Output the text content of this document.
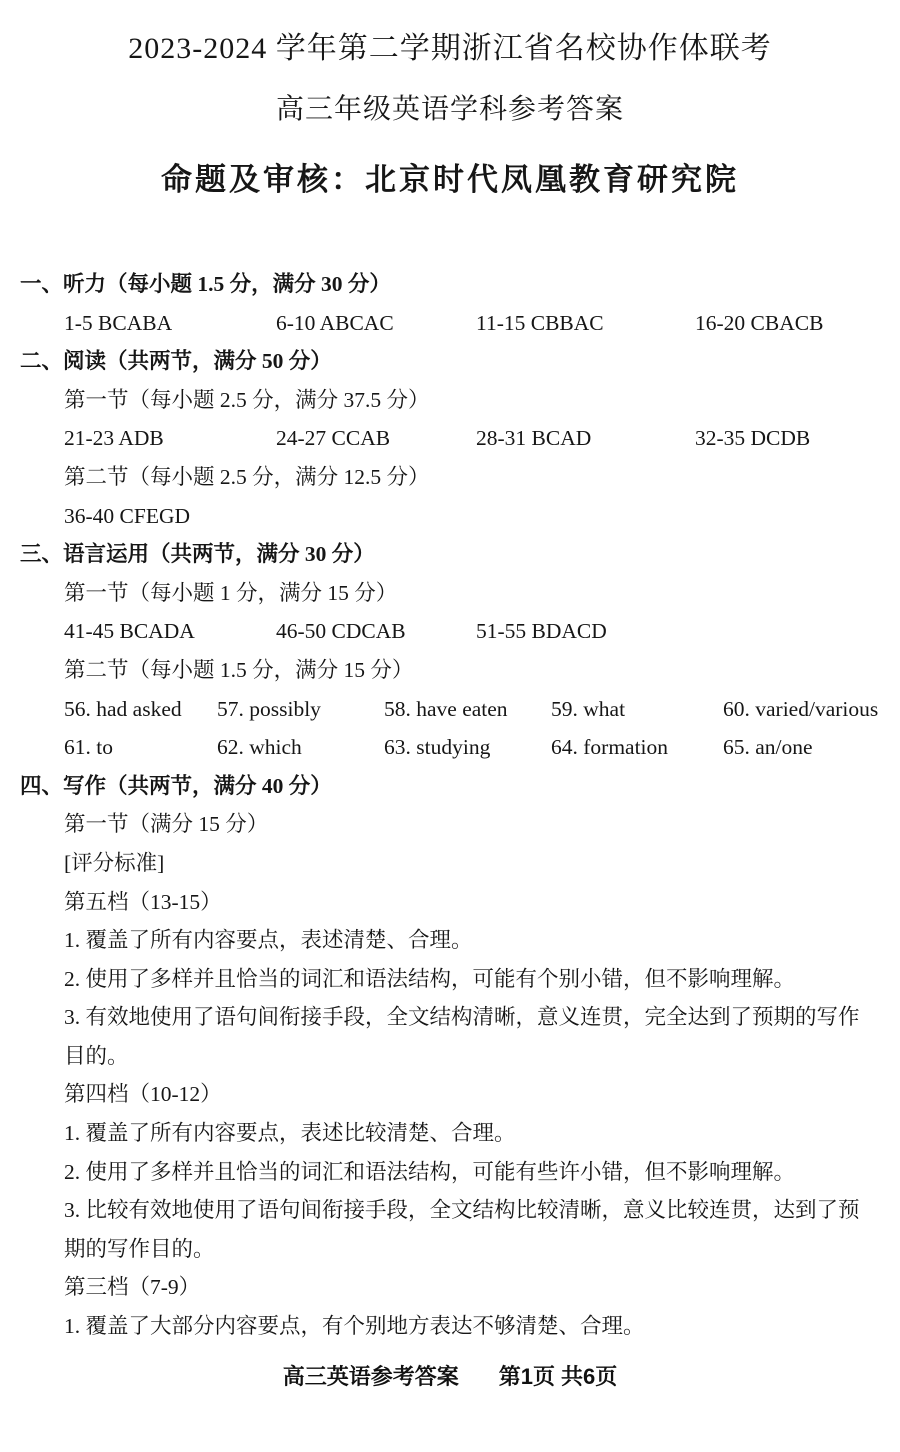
2023-2024 学年第二学期浙江省名校协作体联考
高三年级英语学科参考答案
命题及审核：北京时代凤凰教育研究院
一、听力（每小题 1.5 分，满分 30 分）
1-5 BCABA	6-10 ABCAC	11-15 CBBAC	16-20 CBACB
二、阅读（共两节，满分 50 分）
第一节（每小题 2.5 分，满分 37.5 分）
21-23 ADB	24-27 CCAB	28-31 BCAD	32-35 DCDB
第二节（每小题 2.5 分，满分 12.5 分）
36-40 CFEGD
三、语言运用（共两节，满分 30 分）
第一节（每小题 1 分，满分 15 分）
41-45 BCADA	46-50 CDCAB	51-55 BDACD
第二节（每小题 1.5 分，满分 15 分）
56. had asked	57. possibly	58. have eaten	59. what	60. varied/various
61. to	62. which	63. studying	64. formation	65. an/one
四、写作（共两节，满分 40 分）
第一节（满分 15 分）
[评分标准]
第五档（13-15）
1. 覆盖了所有内容要点，表述清楚、合理。
2. 使用了多样并且恰当的词汇和语法结构，可能有个别小错，但不影响理解。
3. 有效地使用了语句间衔接手段，全文结构清晰，意义连贯，完全达到了预期的写作
目的。
第四档（10-12）
1. 覆盖了所有内容要点，表述比较清楚、合理。
2. 使用了多样并且恰当的词汇和语法结构，可能有些许小错，但不影响理解。
3. 比较有效地使用了语句间衔接手段，全文结构比较清晰，意义比较连贯，达到了预
期的写作目的。
第三档（7-9）
1. 覆盖了大部分内容要点，有个别地方表达不够清楚、合理。
高三英语参考答案 第1页 共6页
